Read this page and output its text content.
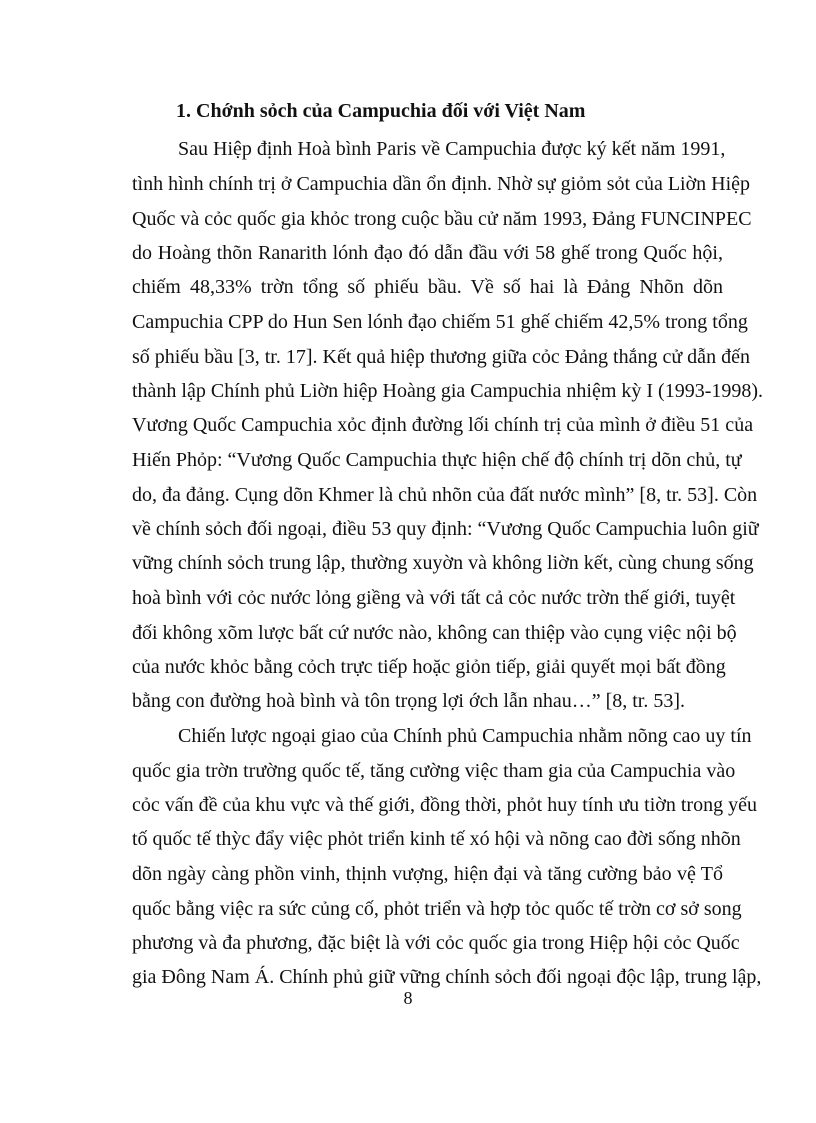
1. Chớnh sỏch của Campuchia đối với Việt Nam
Sau Hiệp định Hoà bình Paris về Campuchia được ký kết năm 1991,
tình hình chính trị ở Campuchia dần ổn định. Nhờ sự giỏm sỏt của Liờn Hiệp
Quốc và cỏc quốc gia khỏc trong cuộc bầu cử năm 1993, Đảng FUNCINPEC
do Hoàng thõn Ranarith lónh đạo đó dẫn đầu với 58 ghế trong Quốc hội,
chiếm 48,33% trờn tổng số phiếu bầu. Về số hai là Đảng Nhõn dõn
Campuchia CPP do Hun Sen lónh đạo chiếm 51 ghế chiếm 42,5% trong tổng
số phiếu bầu [3, tr. 17]. Kết quả hiệp thương giữa cỏc Đảng thắng cử dẫn đến
thành lập Chính phủ Liờn hiệp Hoàng gia Campuchia nhiệm kỳ I (1993-1998).
Vương Quốc Campuchia xỏc định đường lối chính trị của mình ở điều 51 của
Hiến Phỏp: “Vương Quốc Campuchia thực hiện chế độ chính trị dõn chủ, tự
do, đa đảng. Cụng dõn Khmer là chủ nhõn của đất nước mình” [8, tr. 53]. Còn
về chính sỏch đối ngoại, điều 53 quy định: “Vương Quốc Campuchia luôn giữ
vững chính sỏch trung lập, thường xuyờn và không liờn kết, cùng chung sống
hoà bình với cỏc nước lỏng giềng và với tất cả cỏc nước trờn thế giới, tuyệt
đối không xõm lược bất cứ nước nào, không can thiệp vào cụng việc nội bộ
của nước khỏc bằng cỏch trực tiếp hoặc giỏn tiếp, giải quyết mọi bất đồng
bằng con đường hoà bình và tôn trọng lợi ớch lẫn nhau…” [8, tr. 53].
Chiến lược ngoại giao của Chính phủ Campuchia nhằm nõng cao uy tín
quốc gia trờn trường quốc tế, tăng cường việc tham gia của Campuchia vào
cỏc vấn đề của khu vực và thế giới, đồng thời, phỏt huy tính ưu tiờn trong yếu
tố quốc tế thỳc đẩy việc phỏt triển kinh tế xó hội và nõng cao đời sống nhõn
dõn ngày càng phồn vinh, thịnh vượng, hiện đại và tăng cường bảo vệ Tổ
quốc bằng việc ra sức củng cố, phỏt triển và hợp tỏc quốc tế trờn cơ sở song
phương và đa phương, đặc biệt là với cỏc quốc gia trong Hiệp hội cỏc Quốc
gia Đông Nam Á. Chính phủ giữ vững chính sỏch đối ngoại độc lập, trung lập,
8
